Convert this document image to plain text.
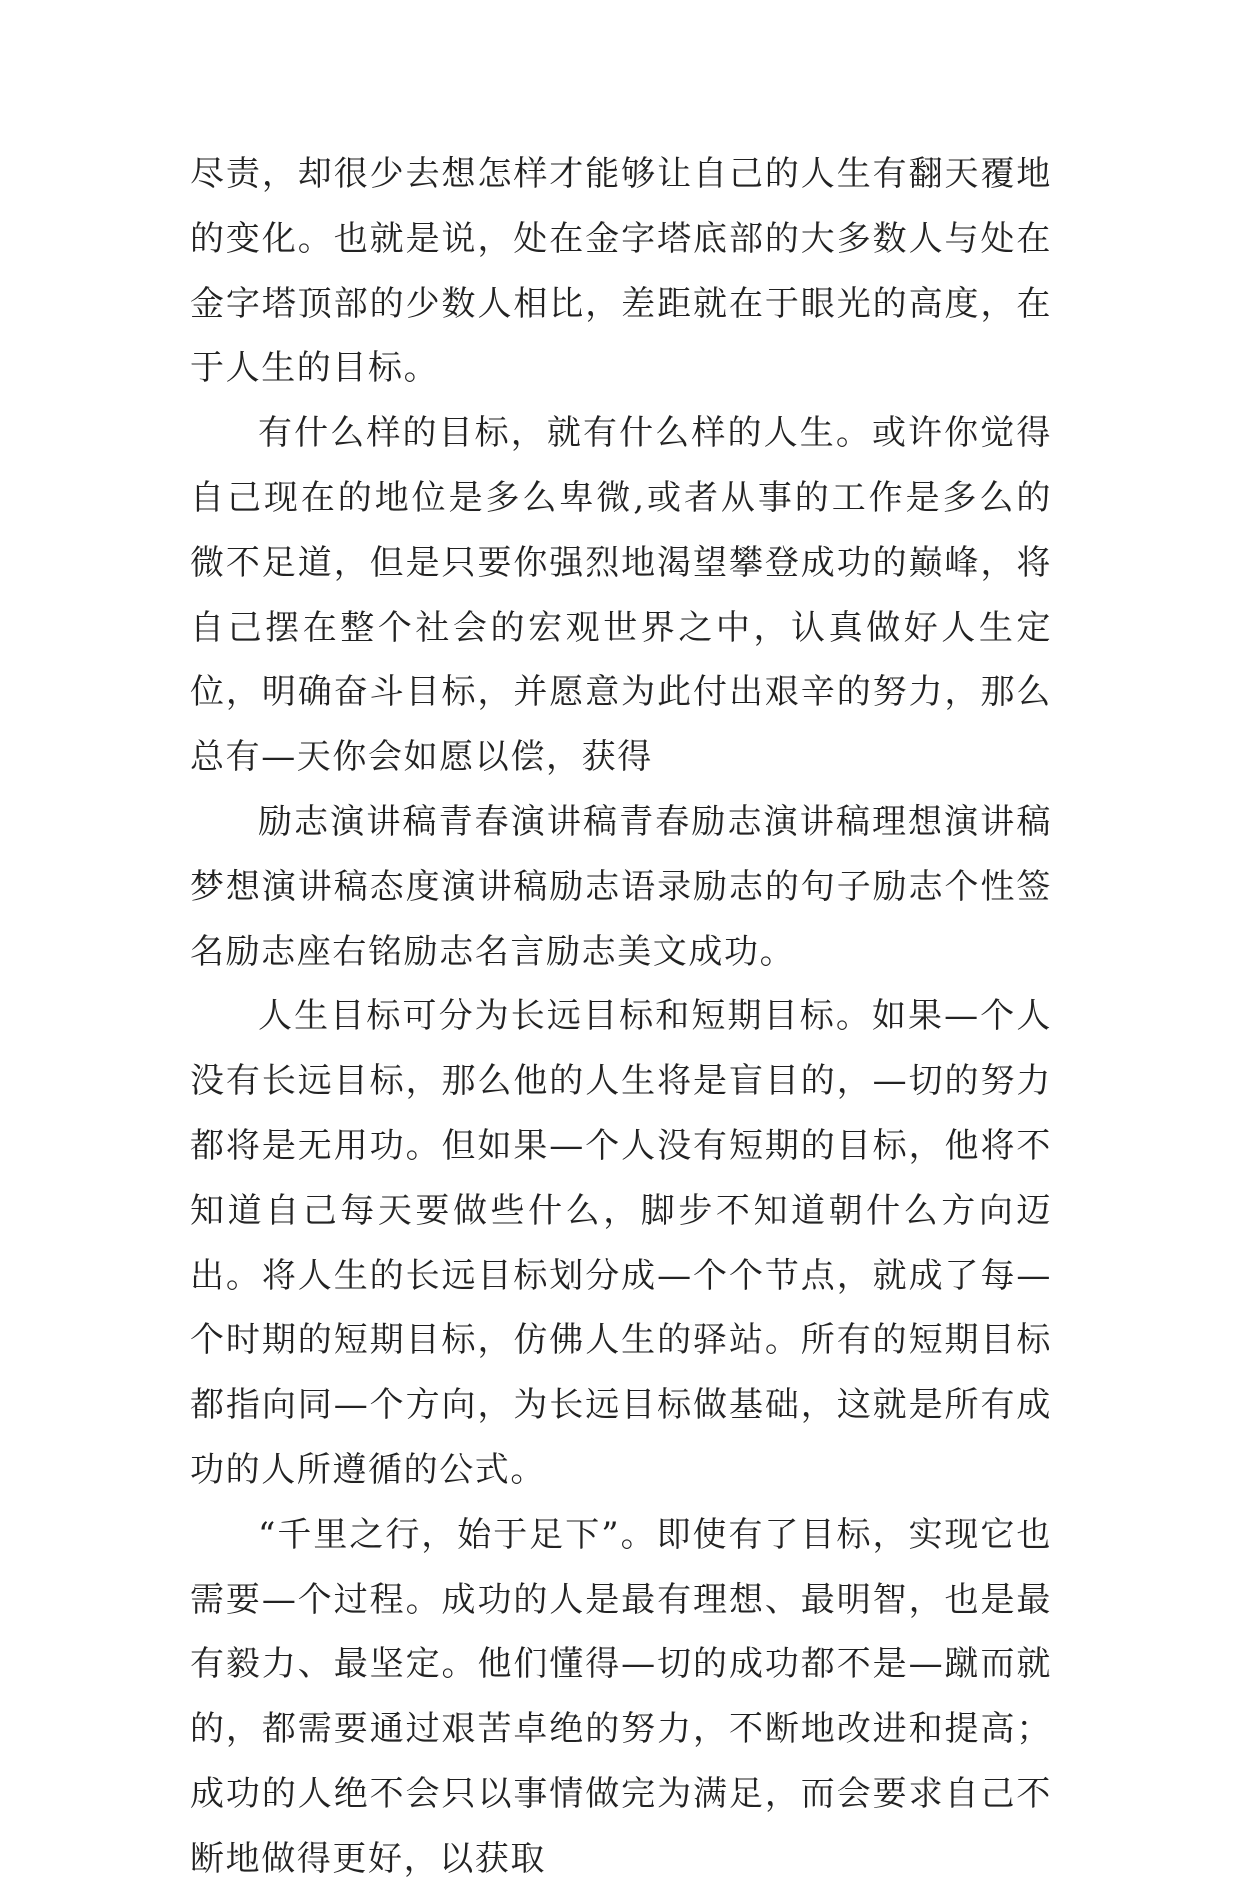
尽责，却很少去想怎样才能够让自己的人生有翻天覆地的变化。也就是说，处在金字塔底部的大多数人与处在金字塔顶部的少数人相比，差距就在于眼光的高度，在于人生的目标。

有什么样的目标，就有什么样的人生。或许你觉得自己现在的地位是多么卑微,或者从事的工作是多么的微不足道，但是只要你强烈地渴望攀登成功的巅峰，将自己摆在整个社会的宏观世界之中，认真做好人生定位，明确奋斗目标，并愿意为此付出艰辛的努力，那么总有—天你会如愿以偿，获得

励志演讲稿青春演讲稿青春励志演讲稿理想演讲稿梦想演讲稿态度演讲稿励志语录励志的句子励志个性签名励志座右铭励志名言励志美文成功。

人生目标可分为长远目标和短期目标。如果—个人没有长远目标，那么他的人生将是盲目的，—切的努力都将是无用功。但如果—个人没有短期的目标，他将不知道自己每天要做些什么，脚步不知道朝什么方向迈出。将人生的长远目标划分成—个个节点，就成了每—个时期的短期目标，仿佛人生的驿站。所有的短期目标都指向同—个方向，为长远目标做基础，这就是所有成功的人所遵循的公式。

“千里之行，始于足下”。即使有了目标，实现它也需要—个过程。成功的人是最有理想、最明智，也是最有毅力、最坚定。他们懂得—切的成功都不是—蹴而就的，都需要通过艰苦卓绝的努力，不断地改进和提高；成功的人绝不会只以事情做完为满足，而会要求自己不断地做得更好，以获取
